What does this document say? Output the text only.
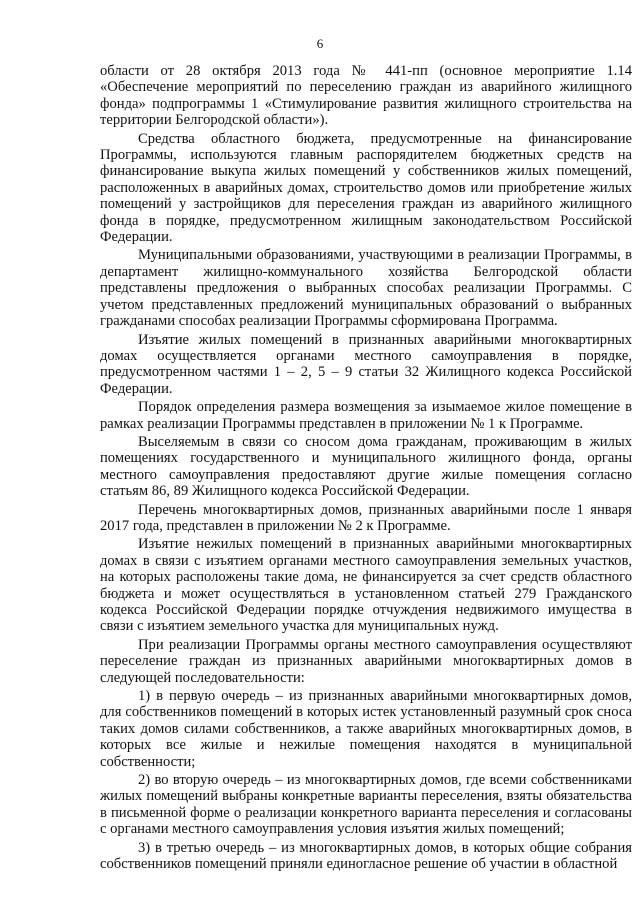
6

области от 28 октября 2013 года № 441-пп (основное мероприятие 1.14 «Обеспечение мероприятий по переселению граждан из аварийного жилищного фонда» подпрограммы 1 «Стимулирование развития жилищного строительства на территории Белгородской области»).

Средства областного бюджета, предусмотренные на финансирование Программы, используются главным распорядителем бюджетных средств на финансирование выкупа жилых помещений у собственников жилых помещений, расположенных в аварийных домах, строительство домов или приобретение жилых помещений у застройщиков для переселения граждан из аварийного жилищного фонда в порядке, предусмотренном жилищным законодательством Российской Федерации.

Муниципальными образованиями, участвующими в реализации Программы, в департамент жилищно-коммунального хозяйства Белгородской области представлены предложения о выбранных способах реализации Программы. С учетом представленных предложений муниципальных образований о выбранных гражданами способах реализации Программы сформирована Программа.

Изъятие жилых помещений в признанных аварийными многоквартирных домах осуществляется органами местного самоуправления в порядке, предусмотренном частями 1 – 2, 5 – 9 статьи 32 Жилищного кодекса Российской Федерации.

Порядок определения размера возмещения за изымаемое жилое помещение в рамках реализации Программы представлен в приложении № 1 к Программе.

Выселяемым в связи со сносом дома гражданам, проживающим в жилых помещениях государственного и муниципального жилищного фонда, органы местного самоуправления предоставляют другие жилые помещения согласно статьям 86, 89 Жилищного кодекса Российской Федерации.

Перечень многоквартирных домов, признанных аварийными после 1 января 2017 года, представлен в приложении № 2 к Программе.

Изъятие нежилых помещений в признанных аварийными многоквартирных домах в связи с изъятием органами местного самоуправления земельных участков, на которых расположены такие дома, не финансируется за счет средств областного бюджета и может осуществляться в установленном статьей 279 Гражданского кодекса Российской Федерации порядке отчуждения недвижимого имущества в связи с изъятием земельного участка для муниципальных нужд.

При реализации Программы органы местного самоуправления осуществляют переселение граждан из признанных аварийными многоквартирных домов в следующей последовательности:

1) в первую очередь – из признанных аварийными многоквартирных домов, для собственников помещений в которых истек установленный разумный срок сноса таких домов силами собственников, а также аварийных многоквартирных домов, в которых все жилые и нежилые помещения находятся в муниципальной собственности;

2) во вторую очередь – из многоквартирных домов, где всеми собственниками жилых помещений выбраны конкретные варианты переселения, взяты обязательства в письменной форме о реализации конкретного варианта переселения и согласованы с органами местного самоуправления условия изъятия жилых помещений;

3) в третью очередь – из многоквартирных домов, в которых общие собрания собственников помещений приняли единогласное решение об участии в областной
